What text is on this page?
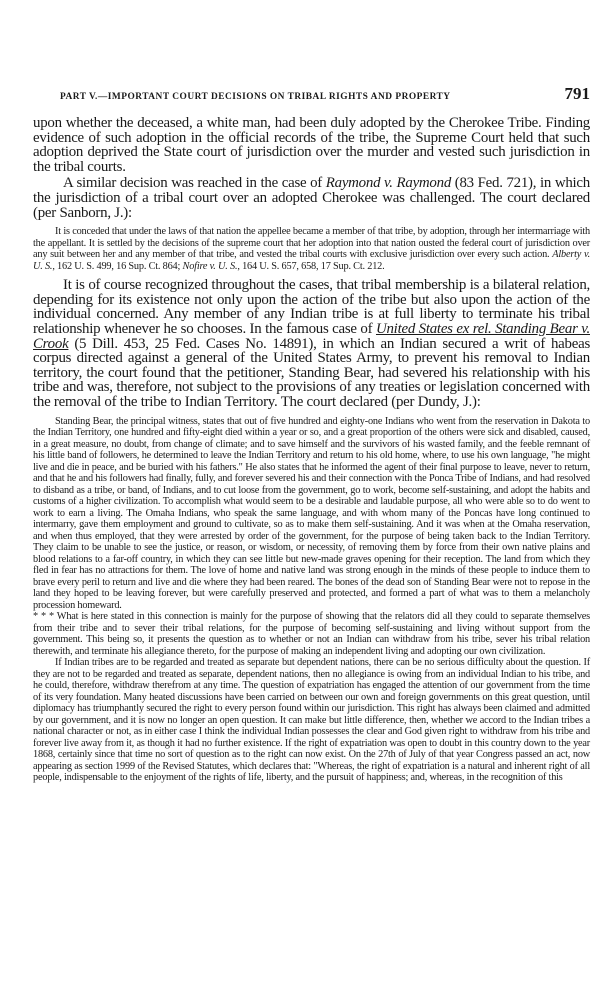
PART V.—IMPORTANT COURT DECISIONS ON TRIBAL RIGHTS AND PROPERTY	791

upon whether the deceased, a white man, had been duly adopted by the Cherokee Tribe. Finding evidence of such adoption in the official records of the tribe, the Supreme Court held that such adoption deprived the State court of jurisdiction over the murder and vested such jurisdiction in the tribal courts.

A similar decision was reached in the case of Raymond v. Raymond (83 Fed. 721), in which the jurisdiction of a tribal court over an adopted Cherokee was challenged. The court declared (per Sanborn, J.):

It is conceded that under the laws of that nation the appellee became a member of that tribe, by adoption, through her intermarriage with the appellant. It is settled by the decisions of the supreme court that her adoption into that nation ousted the federal court of jurisdiction over any suit between her and any member of that tribe, and vested the tribal courts with exclusive jurisdiction over every such action. Alberty v. U. S., 162 U. S. 499, 16 Sup. Ct. 864; Nofire v. U. S., 164 U. S. 657, 658, 17 Sup. Ct. 212.

It is of course recognized throughout the cases, that tribal membership is a bilateral relation, depending for its existence not only upon the action of the tribe but also upon the action of the individual concerned. Any member of any Indian tribe is at full liberty to terminate his tribal relationship whenever he so chooses. In the famous case of United States ex rel. Standing Bear v. Crook (5 Dill. 453, 25 Fed. Cases No. 14891), in which an Indian secured a writ of habeas corpus directed against a general of the United States Army, to prevent his removal to Indian territory, the court found that the petitioner, Standing Bear, had severed his relationship with his tribe and was, therefore, not subject to the provisions of any treaties or legislation concerned with the removal of the tribe to Indian Territory. The court declared (per Dundy, J.):

Standing Bear, the principal witness, states that out of five hundred and eighty-one Indians who went from the reservation in Dakota to the Indian Territory, one hundred and fifty-eight died within a year or so, and a great proportion of the others were sick and disabled, caused, in a great measure, no doubt, from change of climate; and to save himself and the survivors of his wasted family, and the feeble remnant of his little band of followers, he determined to leave the Indian Territory and return to his old home, where, to use his own language, "he might live and die in peace, and be buried with his fathers." He also states that he informed the agent of their final purpose to leave, never to return, and that he and his followers had finally, fully, and forever severed his and their connection with the Ponca Tribe of Indians, and had resolved to disband as a tribe, or band, of Indians, and to cut loose from the government, go to work, become self-sustaining, and adopt the habits and customs of a higher civilization. To accomplish what would seem to be a desirable and laudable purpose, all who were able so to do went to work to earn a living. The Omaha Indians, who speak the same language, and with whom many of the Poncas have long continued to intermarry, gave them employment and ground to cultivate, so as to make them self-sustaining. And it was when at the Omaha reservation, and when thus employed, that they were arrested by order of the government, for the purpose of being taken back to the Indian Territory. They claim to be unable to see the justice, or reason, or wisdom, or necessity, of removing them by force from their own native plains and blood relations to a far-off country, in which they can see little but new-made graves opening for their reception. The land from which they fled in fear has no attractions for them. The love of home and native land was strong enough in the minds of these people to induce them to brave every peril to return and live and die where they had been reared. The bones of the dead son of Standing Bear were not to repose in the land they hoped to be leaving forever, but were carefully preserved and protected, and formed a part of what was to them a melancholy procession homeward.

* * * What is here stated in this connection is mainly for the purpose of showing that the relators did all they could to separate themselves from their tribe and to sever their tribal relations, for the purpose of becoming self-sustaining and living without support from the government. This being so, it presents the question as to whether or not an Indian can withdraw from his tribe, sever his tribal relation therewith, and terminate his allegiance thereto, for the purpose of making an independent living and adopting our own civilization.

If Indian tribes are to be regarded and treated as separate but dependent nations, there can be no serious difficulty about the question. If they are not to be regarded and treated as separate, dependent nations, then no allegiance is owing from an individual Indian to his tribe, and he could, therefore, withdraw therefrom at any time. The question of expatriation has engaged the attention of our government from the time of its very foundation. Many heated discussions have been carried on between our own and foreign governments on this great question, until diplomacy has triumphantly secured the right to every person found within our jurisdiction. This right has always been claimed and admitted by our government, and it is now no longer an open question. It can make but little difference, then, whether we accord to the Indian tribes a national character or not, as in either case I think the individual Indian possesses the clear and God given right to withdraw from his tribe and forever live away from it, as though it had no further existence. If the right of expatriation was open to doubt in this country down to the year 1868, certainly since that time no sort of question as to the right can now exist. On the 27th of July of that year Congress passed an act, now appearing as section 1999 of the Revised Statutes, which declares that: "Whereas, the right of expatriation is a natural and inherent right of all people, indispensable to the enjoyment of the rights of life, liberty, and the pursuit of happiness; and, whereas, in the recognition of this
